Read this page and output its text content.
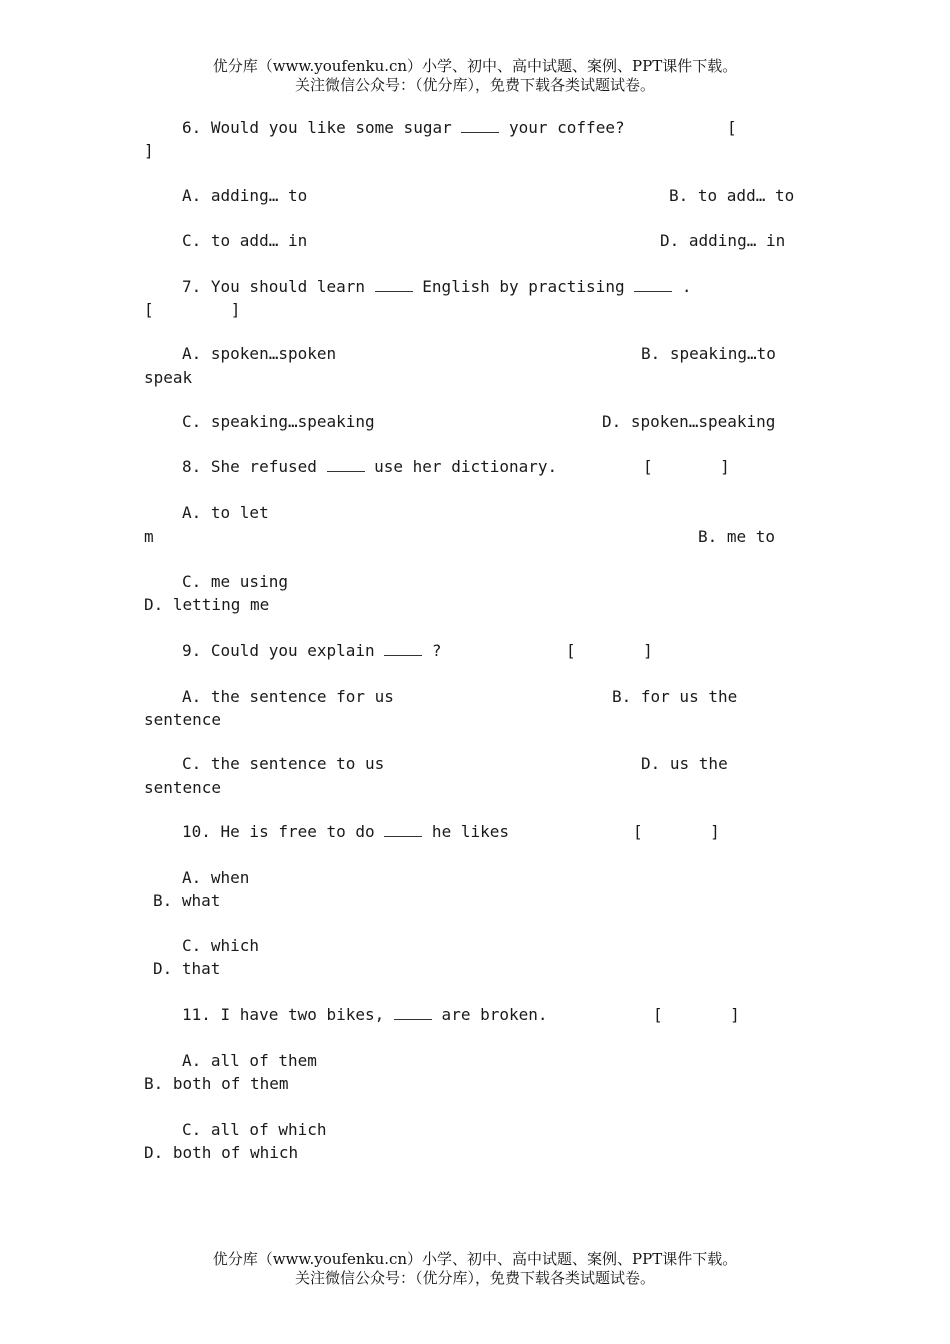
优分库（www.youfenku.cn）小学、初中、高中试题、案例、PPT课件下载。
关注微信公众号：（优分库），免费下载各类试题试卷。
6. Would you like some sugar  your coffee?	[
]
A. adding… to	B. to add… to
C. to add… in	D. adding… in
7. You should learn  English by practising  .
[        ]
A. spoken…spoken	B. speaking…to
speak
C. speaking…speaking	D. spoken…speaking
8. She refused  use her dictionary.	[       ]
A. to let
m	B. me to
C. me using
D. letting me
9. Could you explain  ?	[       ]
A. the sentence for us	B. for us the
sentence
C. the sentence to us	D. us the
sentence
10. He is free to do  he likes	[       ]
A. when
B. what
C. which
D. that
11. I have two bikes,  are broken.	[       ]
A. all of them
B. both of them
C. all of which
D. both of which
优分库（www.youfenku.cn）小学、初中、高中试题、案例、PPT课件下载。
关注微信公众号：（优分库），免费下载各类试题试卷。
